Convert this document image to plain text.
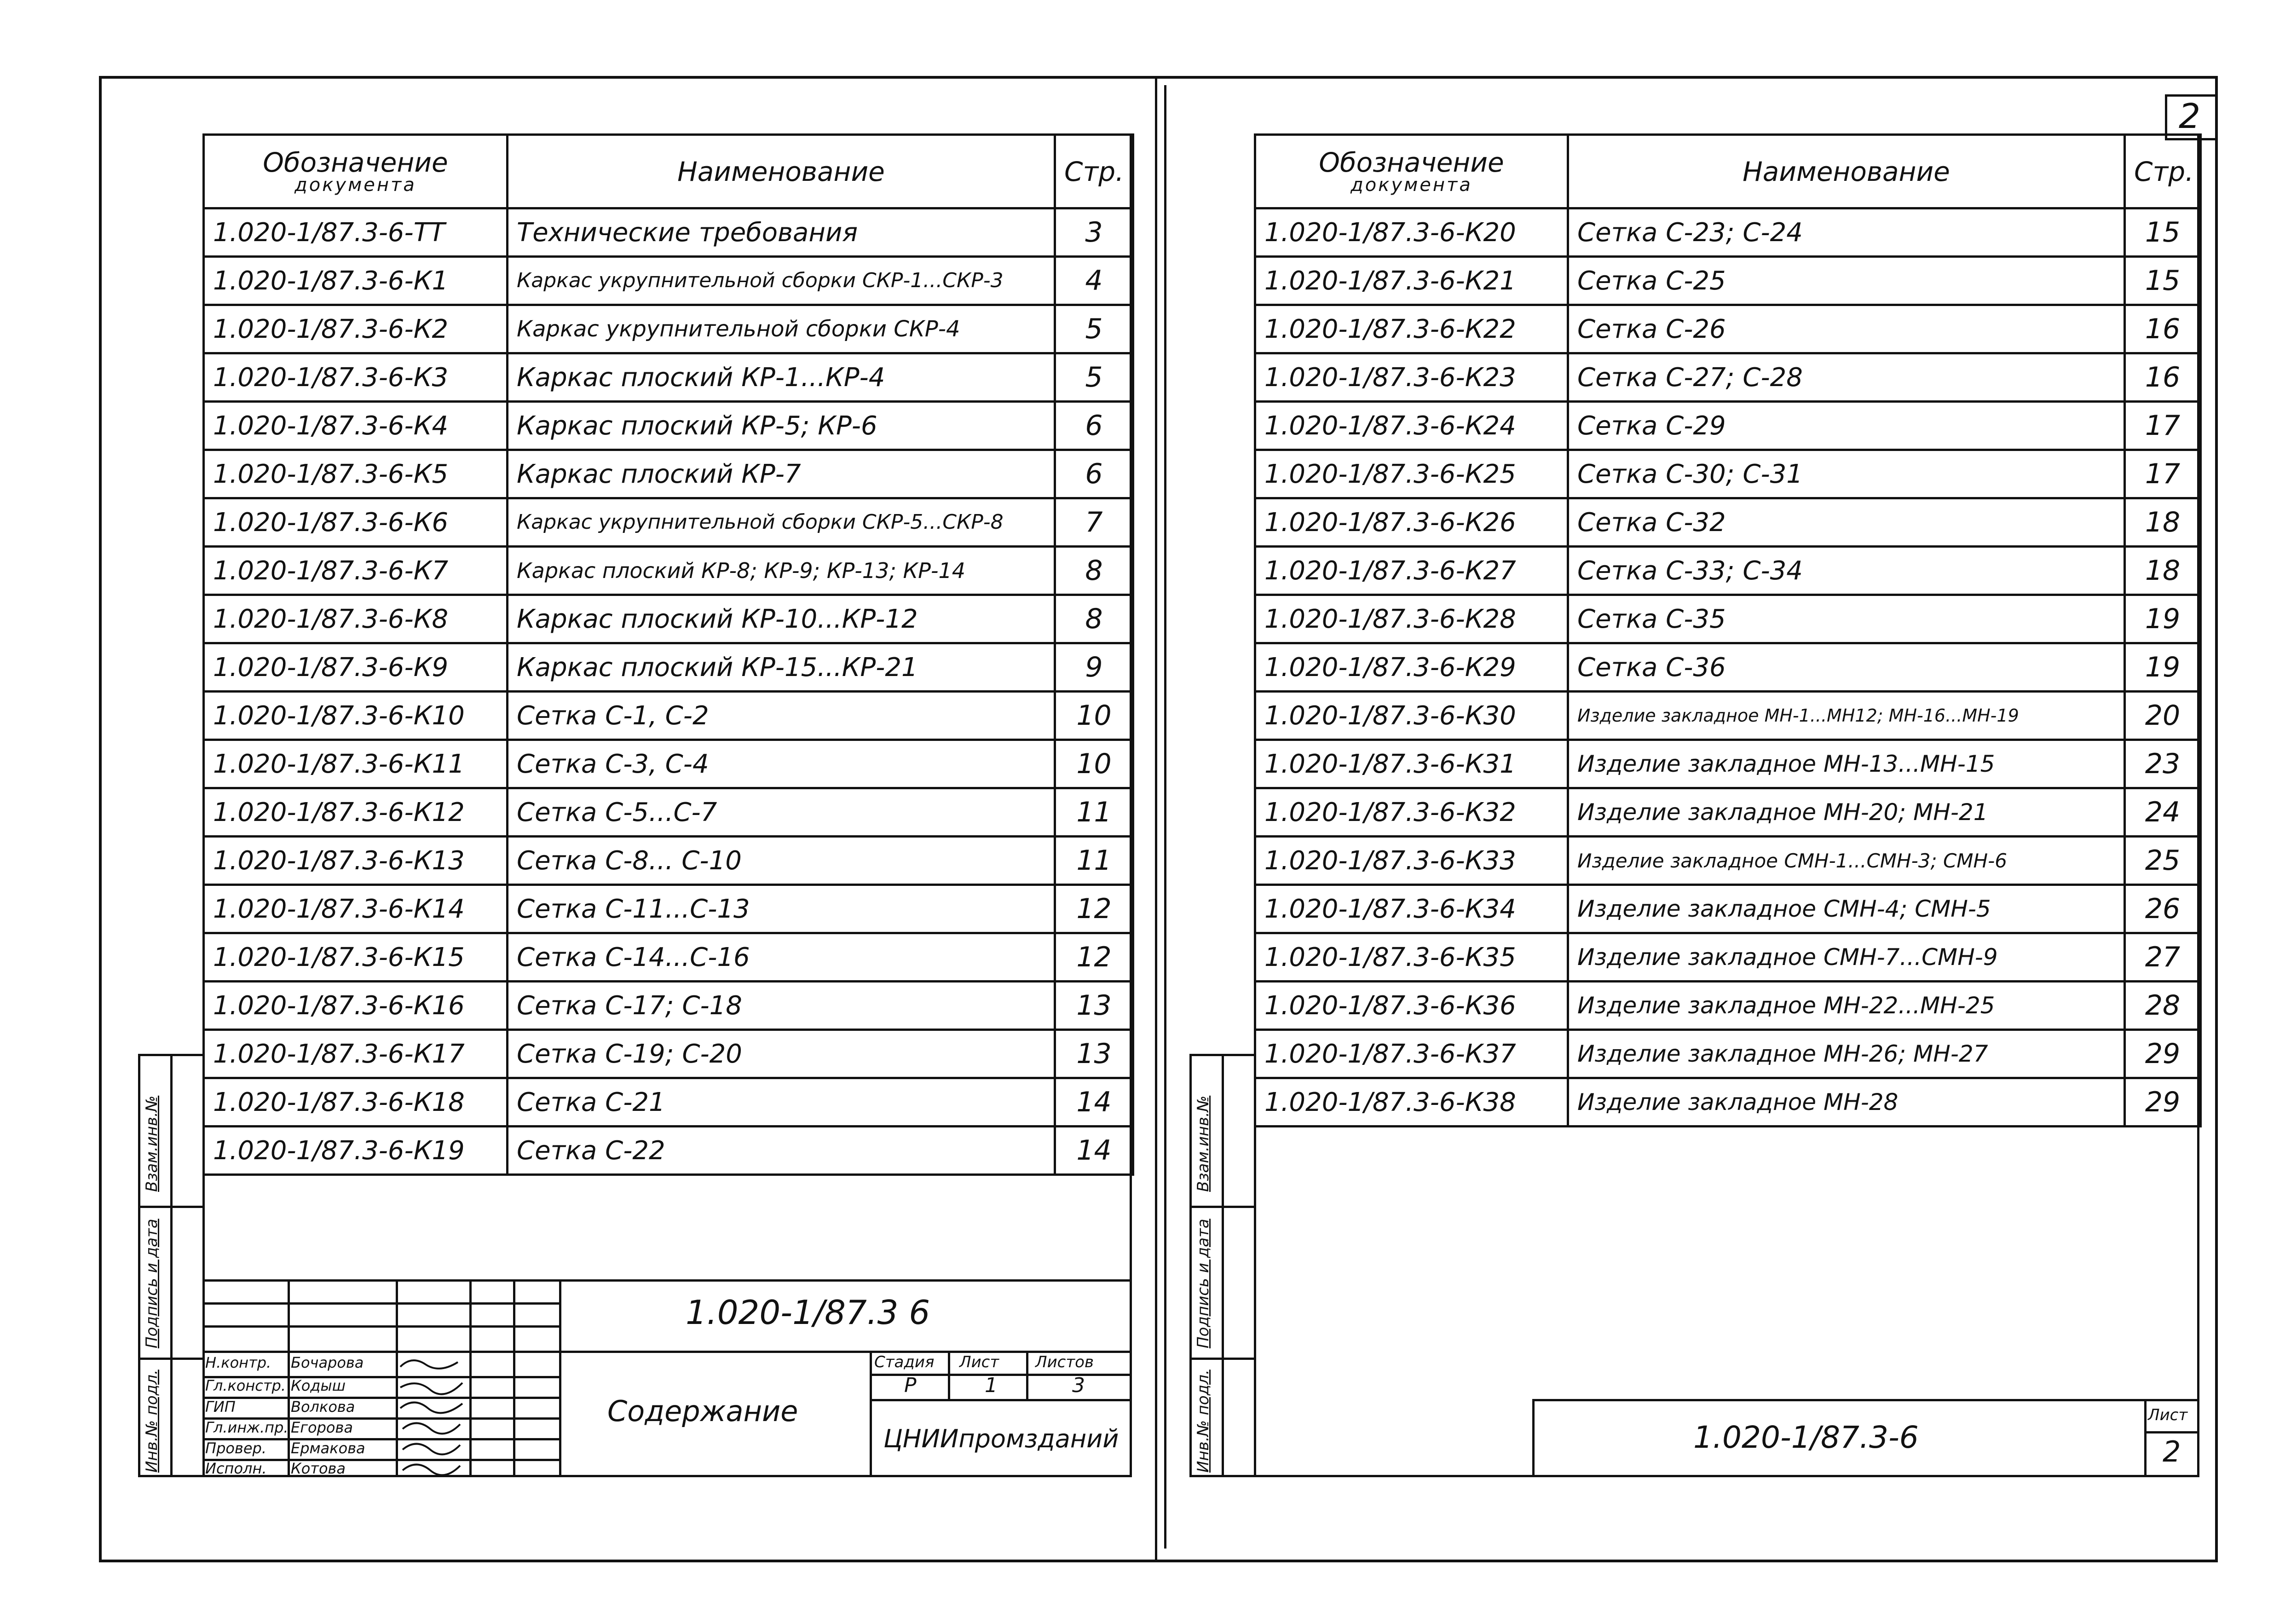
2
Обозначение
документа	Наименование	Стр.
1.020-1/87.3-6-ТТ	Технические требования	3
1.020-1/87.3-6-К1	Каркас укрупнительной сборки СКР-1...СКР-3	4
1.020-1/87.3-6-К2	Каркас укрупнительной сборки СКР-4	5
1.020-1/87.3-6-К3	Каркас плоский КР-1...КР-4	5
1.020-1/87.3-6-К4	Каркас плоский КР-5; КР-6	6
1.020-1/87.3-6-К5	Каркас плоский КР-7	6
1.020-1/87.3-6-К6	Каркас укрупнительной сборки СКР-5...СКР-8	7
1.020-1/87.3-6-К7	Каркас плоский КР-8; КР-9; КР-13; КР-14	8
1.020-1/87.3-6-К8	Каркас плоский КР-10...КР-12	8
1.020-1/87.3-6-К9	Каркас плоский КР-15...КР-21	9
1.020-1/87.3-6-К10	Сетка С-1, С-2	10
1.020-1/87.3-6-К11	Сетка С-3, С-4	10
1.020-1/87.3-6-К12	Сетка С-5...С-7	11
1.020-1/87.3-6-К13	Сетка С-8... С-10	11
1.020-1/87.3-6-К14	Сетка С-11...С-13	12
1.020-1/87.3-6-К15	Сетка С-14...С-16	12
1.020-1/87.3-6-К16	Сетка С-17; С-18	13
1.020-1/87.3-6-К17	Сетка С-19; С-20	13
1.020-1/87.3-6-К18	Сетка С-21	14
1.020-1/87.3-6-К19	Сетка С-22	14
1.020-1/87.3 6
Содержание
Стадия Лист Листов
Р	1	3
ЦНИИпромзданий
Н.контр. Бочарова
Гл.констр. Кодыш
ГИП	Волкова
Гл.инж.пр. Егорова
Провер. Ермакова
Исполн. Котова
Взам.инв.№
Подпись и дата
Инв.№ подл.
Обозначение
документа	Наименование	Стр.
1.020-1/87.3-6-К20	Сетка С-23; С-24	15
1.020-1/87.3-6-К21	Сетка С-25	15
1.020-1/87.3-6-К22	Сетка С-26	16
1.020-1/87.3-6-К23	Сетка С-27; С-28	16
1.020-1/87.3-6-К24	Сетка С-29	17
1.020-1/87.3-6-К25	Сетка С-30; С-31	17
1.020-1/87.3-6-К26	Сетка С-32	18
1.020-1/87.3-6-К27	Сетка С-33; С-34	18
1.020-1/87.3-6-К28	Сетка С-35	19
1.020-1/87.3-6-К29	Сетка С-36	19
1.020-1/87.3-6-К30	Изделие закладное МН-1...МН12; МН-16...МН-19	20
1.020-1/87.3-6-К31	Изделие закладное МН-13...МН-15	23
1.020-1/87.3-6-К32	Изделие закладное МН-20; МН-21	24
1.020-1/87.3-6-К33	Изделие закладное СМН-1...СМН-3; СМН-6	25
1.020-1/87.3-6-К34	Изделие закладное СМН-4; СМН-5	26
1.020-1/87.3-6-К35	Изделие закладное СМН-7...СМН-9	27
1.020-1/87.3-6-К36	Изделие закладное МН-22...МН-25	28
1.020-1/87.3-6-К37	Изделие закладное МН-26; МН-27	29
1.020-1/87.3-6-К38	Изделие закладное МН-28	29
1.020-1/87.3-6
Лист
2
Взам.инв.№
Подпись и дата
Инв.№ подл.
